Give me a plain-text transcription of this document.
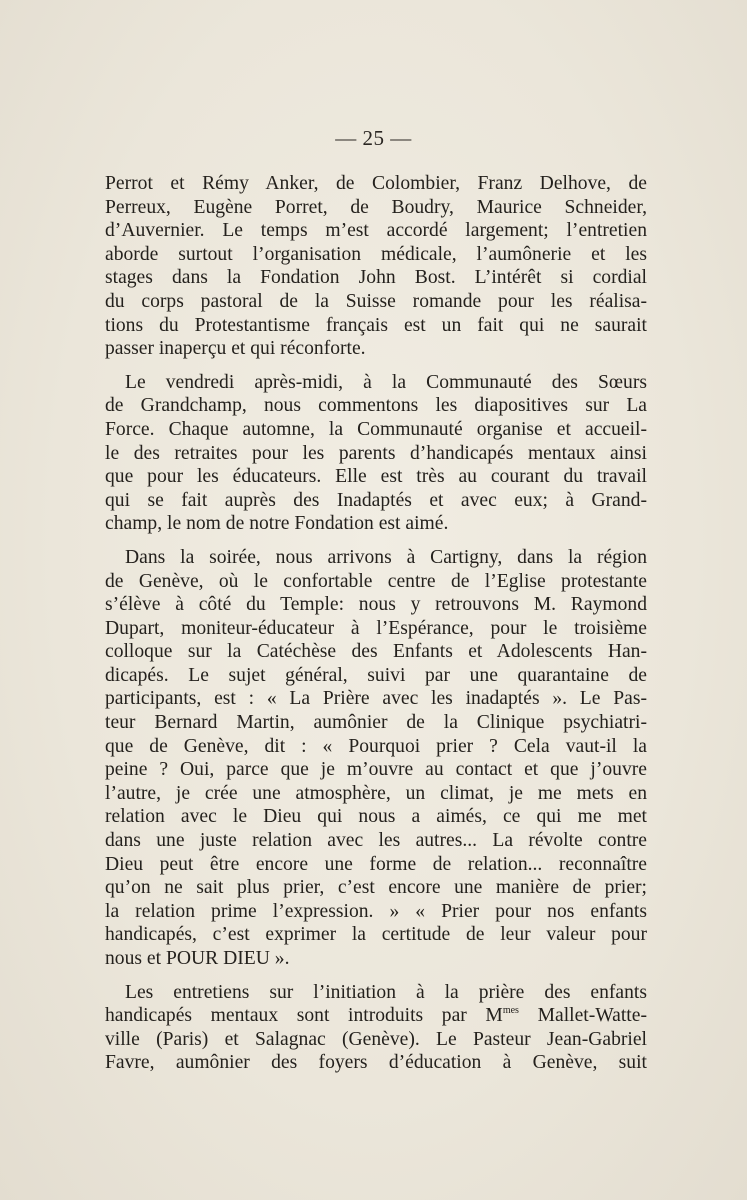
— 25 —

Perrot et Rémy Anker, de Colombier, Franz Delhove, de
Perreux, Eugène Porret, de Boudry, Maurice Schneider,
d’Auvernier. Le temps m’est accordé largement; l’entretien
aborde surtout l’organisation médicale, l’aumônerie et les
stages dans la Fondation John Bost. L’intérêt si cordial
du corps pastoral de la Suisse romande pour les réalisa-
tions du Protestantisme français est un fait qui ne saurait
passer inaperçu et qui réconforte.

Le vendredi après-midi, à la Communauté des Sœurs
de Grandchamp, nous commentons les diapositives sur La
Force. Chaque automne, la Communauté organise et accueil-
le des retraites pour les parents d’handicapés mentaux ainsi
que pour les éducateurs. Elle est très au courant du travail
qui se fait auprès des Inadaptés et avec eux; à Grand-
champ, le nom de notre Fondation est aimé.

Dans la soirée, nous arrivons à Cartigny, dans la région
de Genève, où le confortable centre de l’Eglise protestante
s’élève à côté du Temple: nous y retrouvons M. Raymond
Dupart, moniteur-éducateur à l’Espérance, pour le troisième
colloque sur la Catéchèse des Enfants et Adolescents Han-
dicapés. Le sujet général, suivi par une quarantaine de
participants, est : « La Prière avec les inadaptés ». Le Pas-
teur Bernard Martin, aumônier de la Clinique psychiatri-
que de Genève, dit : « Pourquoi prier ? Cela vaut-il la
peine ? Oui, parce que je m’ouvre au contact et que j’ouvre
l’autre, je crée une atmosphère, un climat, je me mets en
relation avec le Dieu qui nous a aimés, ce qui me met
dans une juste relation avec les autres... La révolte contre
Dieu peut être encore une forme de relation... reconnaître
qu’on ne sait plus prier, c’est encore une manière de prier;
la relation prime l’expression. » « Prier pour nos enfants
handicapés, c’est exprimer la certitude de leur valeur pour
nous et POUR DIEU ».

Les entretiens sur l’initiation à la prière des enfants
handicapés mentaux sont introduits par $M^{mes}$ Mallet-Watte-
ville (Paris) et Salagnac (Genève). Le Pasteur Jean-Gabriel
Favre, aumônier des foyers d’éducation à Genève, suit
